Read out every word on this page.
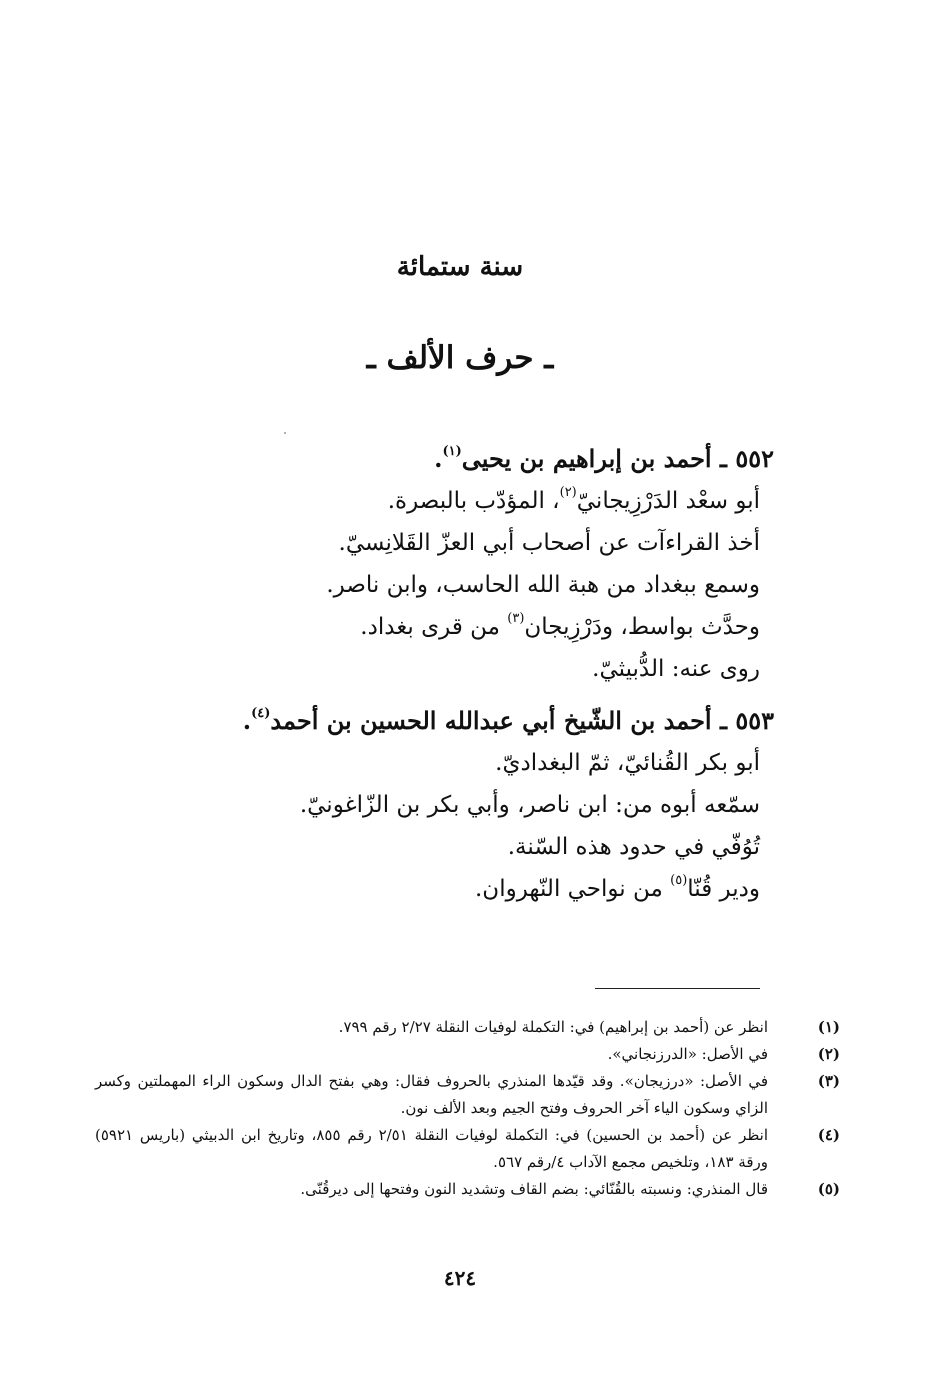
سنة ستمائة
ـ حرف الألف ـ
٥٥٢ ـ أحمد بن إبراهيم بن يحيى$^{(١)}$.
أبو سعْد الدَرْزِيجانيّ$^{(٢)}$، المؤدّب بالبصرة.
أخذ القراءآت عن أصحاب أبي العزّ القَلانِسيّ.
وسمع ببغداد من هبة الله الحاسب، وابن ناصر.
وحدَّث بواسط، ودَرْزِيجان$^{(٣)}$ من قرى بغداد.
روى عنه: الدُّبيثيّ.
٥٥٣ ـ أحمد بن الشّيخ أبي عبدالله الحسين بن أحمد$^{(٤)}$.
أبو بكر القُنائيّ، ثمّ البغداديّ.
سمّعه أبوه من: ابن ناصر، وأبي بكر بن الزّاغونيّ.
تُوُفّي في حدود هذه السّنة.
ودير قُنّا$^{(٥)}$ من نواحي النّهروان.
(١)
انظر عن (أحمد بن إبراهيم) في: التكملة لوفيات النقلة ٢/٢٧ رقم ٧٩٩.
(٢)
في الأصل: «الدرزنجاني».
(٣)
في الأصل: «درزيجان». وقد قيّدها المنذري بالحروف فقال: وهي بفتح الدال وسكون الراء المهملتين وكسر الزاي وسكون الياء آخر الحروف وفتح الجيم وبعد الألف نون.
(٤)
انظر عن (أحمد بن الحسين) في: التكملة لوفيات النقلة ٢/٥١ رقم ٨٥٥، وتاريخ ابن الدبيثي (باريس ٥٩٢١) ورقة ١٨٣، وتلخيص مجمع الآداب ٤/رقم ٥٦٧.
(٥)
قال المنذري: ونسبته بالقُنّائي: بضم القاف وتشديد النون وفتحها إلى ديرقُنّى.
٤٢٤
